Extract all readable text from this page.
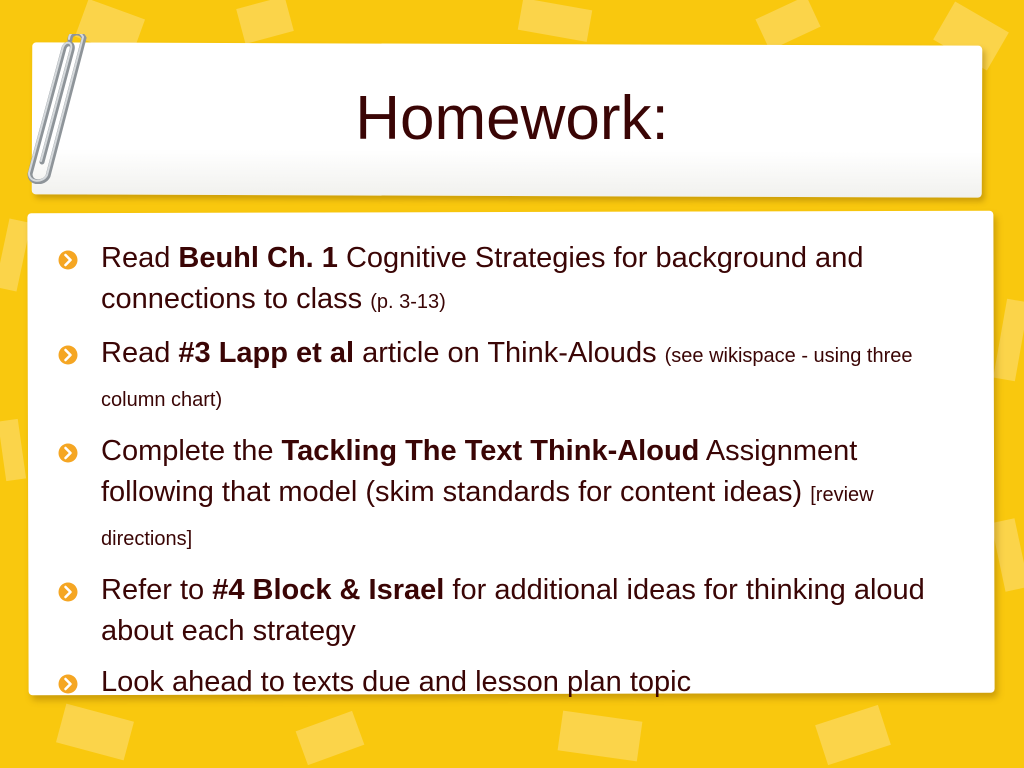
Homework:
Read Beuhl Ch. 1 Cognitive Strategies for background and connections to class (p. 3-13)
Read #3 Lapp et al article on Think-Alouds (see wikispace - using three column chart)
Complete the Tackling The Text Think-Aloud Assignment following that model (skim standards for content ideas) [review directions]
Refer to #4 Block & Israel for additional ideas for thinking aloud about each strategy
Look ahead to texts due and lesson plan topic
